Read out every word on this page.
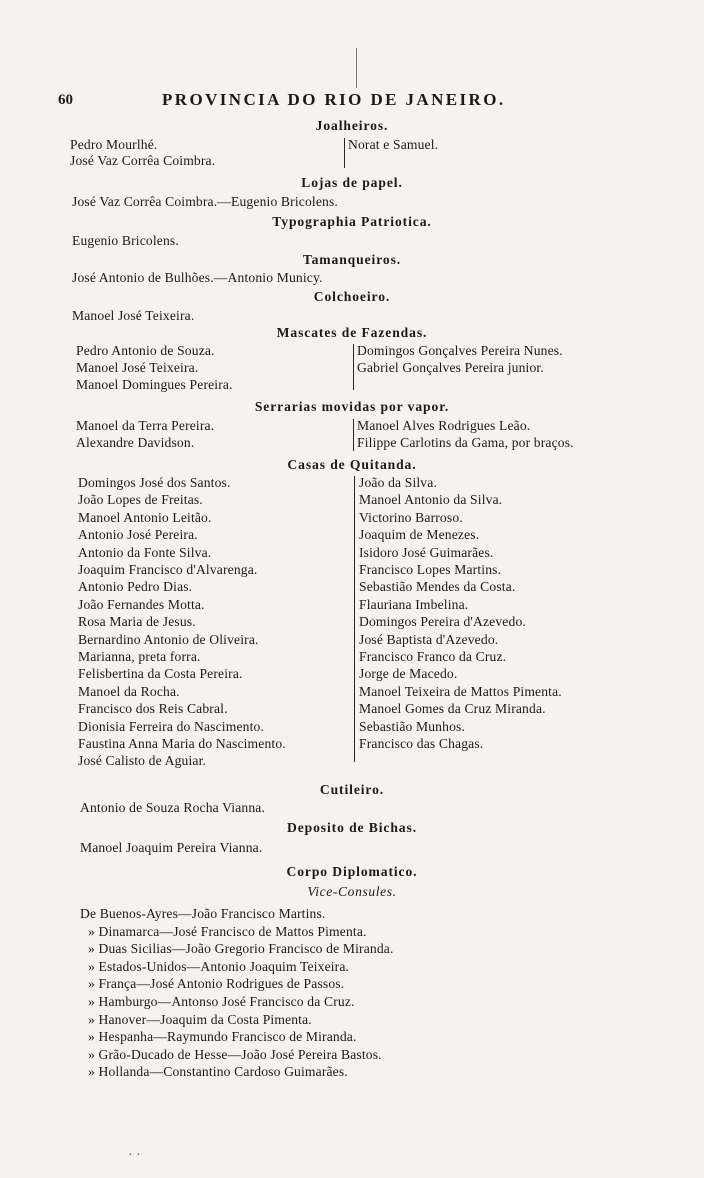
60	PROVINCIA DO RIO DE JANEIRO.
Joalheiros.
Pedro Mourlhé.
José Vaz Corrêa Coimbra.
Norat e Samuel.
Lojas de papel.
José Vaz Corrêa Coimbra.—Eugenio Bricolens.
Typographia Patriotica.
Eugenio Bricolens.
Tamanqueiros.
José Antonio de Bulhões.—Antonio Municy.
Colchoeiro.
Manoel José Teixeira.
Mascates de Fazendas.
Pedro Antonio de Souza.
Manoel José Teixeira.
Manoel Domingues Pereira.
Domingos Gonçalves Pereira Nunes.
Gabriel Gonçalves Pereira junior.
Serrarias movidas por vapor.
Manoel da Terra Pereira.
Alexandre Davidson.
Manoel Alves Rodrigues Leão.
Filippe Carlotins da Gama, por braços.
Casas de Quitanda.
Domingos José dos Santos.
João Lopes de Freitas.
Manoel Antonio Leitão.
Antonio José Pereira.
Antonio da Fonte Silva.
Joaquim Francisco d'Alvarenga.
Antonio Pedro Dias.
João Fernandes Motta.
Rosa Maria de Jesus.
Bernardino Antonio de Oliveira.
Marianna, preta forra.
Felisbertina da Costa Pereira.
Manoel da Rocha.
Francisco dos Reis Cabral.
Dionisia Ferreira do Nascimento.
Faustina Anna Maria do Nascimento.
José Calisto de Aguiar.
João da Silva.
Manoel Antonio da Silva.
Victorino Barroso.
Joaquim de Menezes.
Isidoro José Guimarães.
Francisco Lopes Martins.
Sebastião Mendes da Costa.
Flauriana Imbelina.
Domingos Pereira d'Azevedo.
José Baptista d'Azevedo.
Francisco Franco da Cruz.
Jorge de Macedo.
Manoel Teixeira de Mattos Pimenta.
Manoel Gomes da Cruz Miranda.
Sebastião Munhos.
Francisco das Chagas.
Cutileiro.
Antonio de Souza Rocha Vianna.
Deposito de Bichas.
Manoel Joaquim Pereira Vianna.
Corpo Diplomatico.
Vice-Consules.
De Buenos-Ayres—João Francisco Martins.
» Dinamarca—José Francisco de Mattos Pimenta.
» Duas Sicilias—João Gregorio Francisco de Miranda.
» Estados-Unidos—Antonio Joaquim Teixeira.
» França—José Antonio Rodrigues de Passos.
» Hamburgo—Antonso José Francisco da Cruz.
» Hanover—Joaquim da Costa Pimenta.
» Hespanha—Raymundo Francisco de Miranda.
» Grão-Ducado de Hesse—João José Pereira Bastos.
» Hollanda—Constantino Cardoso Guimarães.
· ·
